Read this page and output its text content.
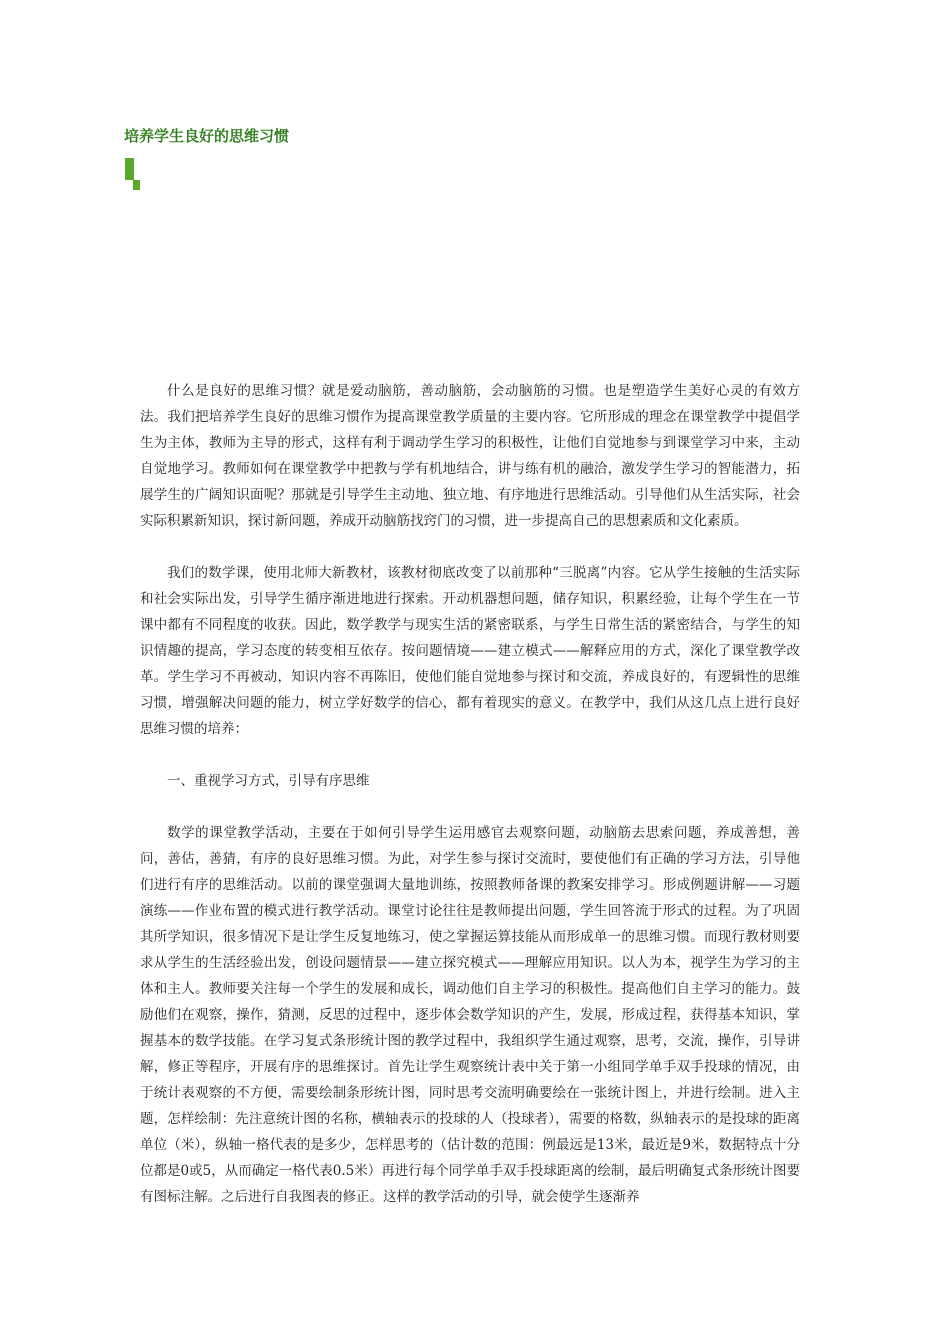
培养学生良好的思维习惯

什么是良好的思维习惯？就是爱动脑筋，善动脑筋，会动脑筋的习惯。也是塑造学生美好心灵的有效方法。我们把培养学生良好的思维习惯作为提高课堂教学质量的主要内容。它所形成的理念在课堂教学中提倡学生为主体，教师为主导的形式，这样有利于调动学生学习的积极性，让他们自觉地参与到课堂学习中来，主动自觉地学习。教师如何在课堂教学中把教与学有机地结合，讲与练有机的融洽，激发学生学习的智能潜力，拓展学生的广阔知识面呢？那就是引导学生主动地、独立地、有序地进行思维活动。引导他们从生活实际，社会实际积累新知识，探讨新问题，养成开动脑筋找窍门的习惯，进一步提高自己的思想素质和文化素质。

我们的数学课，使用北师大新教材，该教材彻底改变了以前那种“三脱离”内容。它从学生接触的生活实际和社会实际出发，引导学生循序渐进地进行探索。开动机器想问题，储存知识，积累经验，让每个学生在一节课中都有不同程度的收获。因此，数学教学与现实生活的紧密联系，与学生日常生活的紧密结合，与学生的知识情趣的提高，学习态度的转变相互依存。按问题情境——建立模式——解释应用的方式，深化了课堂教学改革。学生学习不再被动，知识内容不再陈旧，使他们能自觉地参与探讨和交流，养成良好的，有逻辑性的思维习惯，增强解决问题的能力，树立学好数学的信心，都有着现实的意义。在教学中，我们从这几点上进行良好思维习惯的培养：

一、重视学习方式，引导有序思维

数学的课堂教学活动，主要在于如何引导学生运用感官去观察问题，动脑筋去思索问题，养成善想，善问，善估，善猜，有序的良好思维习惯。为此，对学生参与探讨交流时，要使他们有正确的学习方法，引导他们进行有序的思维活动。以前的课堂强调大量地训练，按照教师备课的教案安排学习。形成例题讲解——习题演练——作业布置的模式进行教学活动。课堂讨论往往是教师提出问题，学生回答流于形式的过程。为了巩固其所学知识，很多情况下是让学生反复地练习，使之掌握运算技能从而形成单一的思维习惯。而现行教材则要求从学生的生活经验出发，创设问题情景——建立探究模式——理解应用知识。以人为本，视学生为学习的主体和主人。教师要关注每一个学生的发展和成长，调动他们自主学习的积极性。提高他们自主学习的能力。鼓励他们在观察，操作，猜测，反思的过程中，逐步体会数学知识的产生，发展，形成过程，获得基本知识，掌握基本的数学技能。在学习复式条形统计图的教学过程中，我组织学生通过观察，思考，交流，操作，引导讲解，修正等程序，开展有序的思维探讨。首先让学生观察统计表中关于第一小组同学单手双手投球的情况，由于统计表观察的不方便，需要绘制条形统计图，同时思考交流明确要绘在一张统计图上，并进行绘制。进入主题，怎样绘制：先注意统计图的名称，横轴表示的投球的人（投球者），需要的格数，纵轴表示的是投球的距离单位（米），纵轴一格代表的是多少，怎样思考的（估计数的范围：例最远是13米，最近是9米，数据特点十分位都是0或5，从而确定一格代表0.5米）再进行每个同学单手双手投球距离的绘制，最后明确复式条形统计图要有图标注解。之后进行自我图表的修正。这样的教学活动的引导，就会使学生逐渐养
